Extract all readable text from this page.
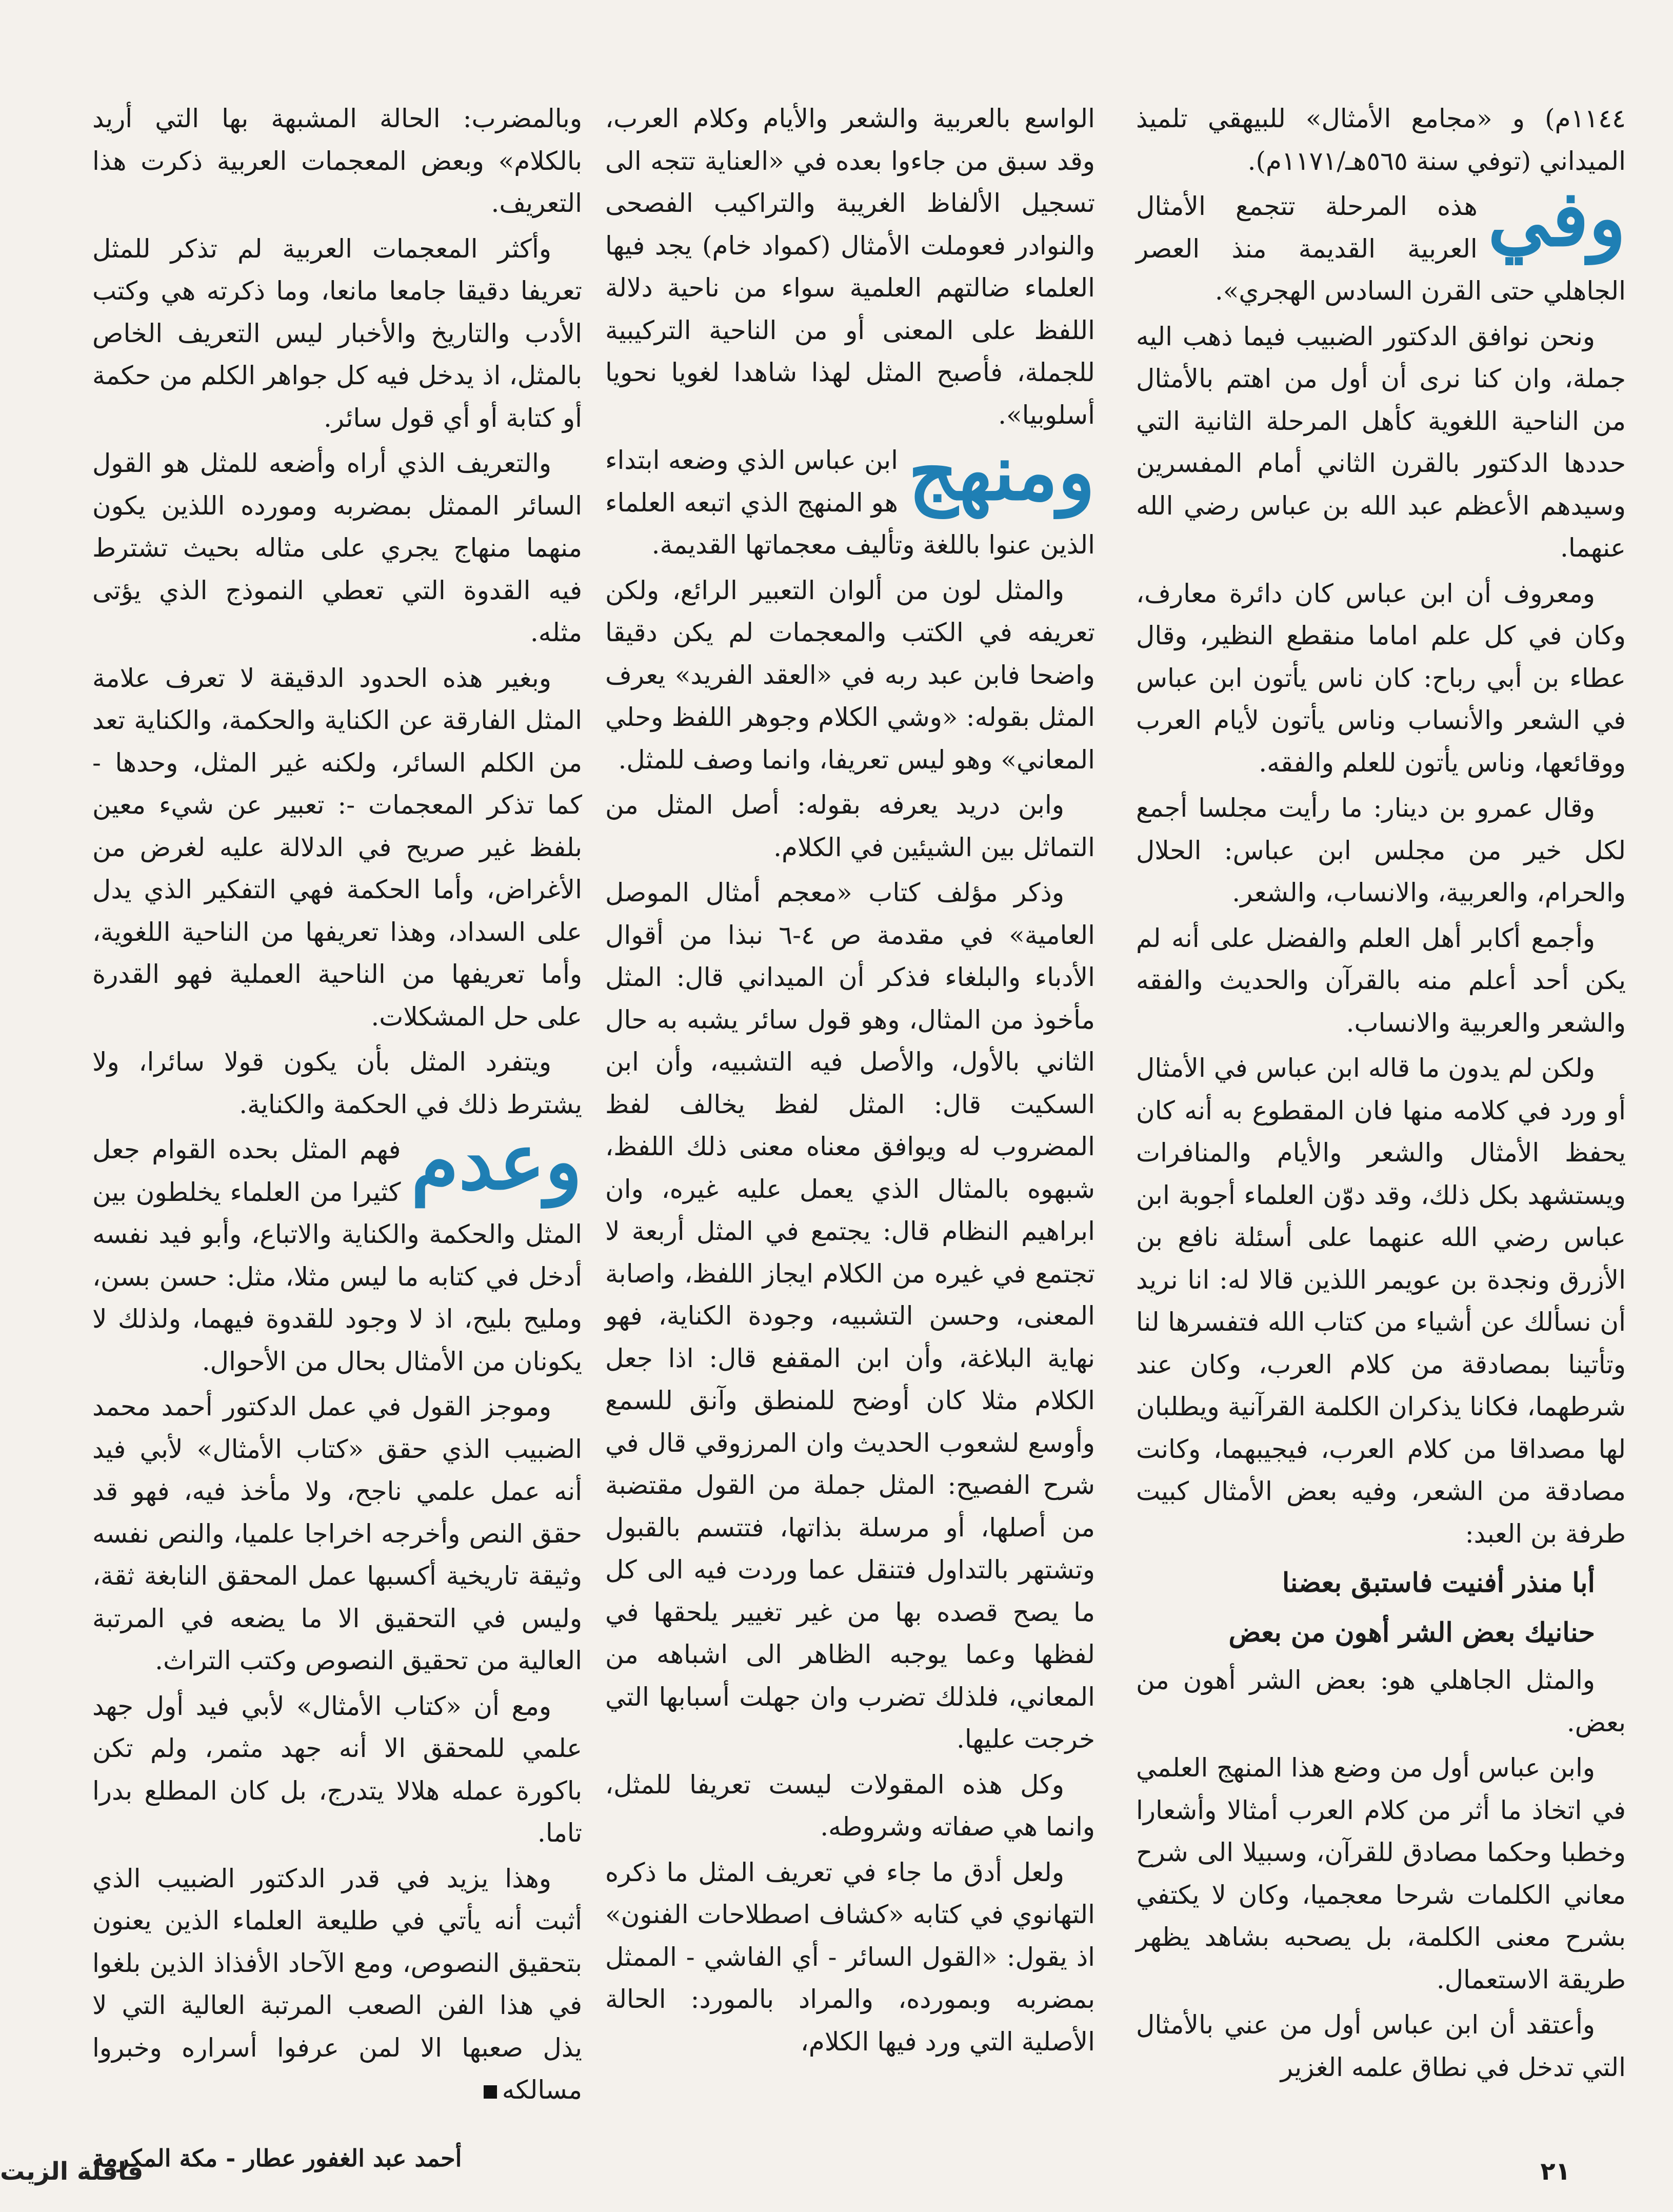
١١٤٤م) و «مجامع الأمثال» للبيهقي تلميذ الميداني (توفي سنة ٥٦٥هـ/١١٧١م).

وفي
هذه المرحلة تتجمع الأمثال العربية القديمة منذ العصر الجاهلي حتى القرن السادس الهجري».

ونحن نوافق الدكتور الضبيب فيما ذهب اليه جملة، وان كنا نرى أن أول من اهتم بالأمثال من الناحية اللغوية كأهل المرحلة الثانية التي حددها الدكتور بالقرن الثاني أمام المفسرين وسيدهم الأعظم عبد الله بن عباس رضي الله عنهما.

ومعروف أن ابن عباس كان دائرة معارف، وكان في كل علم اماما منقطع النظير، وقال عطاء بن أبي رباح: كان ناس يأتون ابن عباس في الشعر والأنساب وناس يأتون لأيام العرب ووقائعها، وناس يأتون للعلم والفقه.

وقال عمرو بن دينار: ما رأيت مجلسا أجمع لكل خير من مجلس ابن عباس: الحلال والحرام، والعربية، والانساب، والشعر.

وأجمع أكابر أهل العلم والفضل على أنه لم يكن أحد أعلم منه بالقرآن والحديث والفقه والشعر والعربية والانساب.

ولكن لم يدون ما قاله ابن عباس في الأمثال أو ورد في كلامه منها فان المقطوع به أنه كان يحفظ الأمثال والشعر والأيام والمنافرات ويستشهد بكل ذلك، وقد دوّن العلماء أجوبة ابن عباس رضي الله عنهما على أسئلة نافع بن الأزرق ونجدة بن عويمر اللذين قالا له: انا نريد أن نسألك عن أشياء من كتاب الله فتفسرها لنا وتأتينا بمصادقة من كلام العرب، وكان عند شرطهما، فكانا يذكران الكلمة القرآنية ويطلبان لها مصداقا من كلام العرب، فيجيبهما، وكانت مصادقة من الشعر، وفيه بعض الأمثال كبيت طرفة بن العبد:

أبا منذر أفنيت فاستبق بعضنا
حنانيك بعض الشر أهون من بعض

والمثل الجاهلي هو: بعض الشر أهون من بعض.

وابن عباس أول من وضع هذا المنهج العلمي في اتخاذ ما أثر من كلام العرب أمثالا وأشعارا وخطبا وحكما مصادق للقرآن، وسبيلا الى شرح معاني الكلمات شرحا معجميا، وكان لا يكتفي بشرح معنى الكلمة، بل يصحبه بشاهد يظهر طريقة الاستعمال.

وأعتقد أن ابن عباس أول من عني بالأمثال التي تدخل في نطاق علمه الغزير

الواسع بالعربية والشعر والأيام وكلام العرب، وقد سبق من جاءوا بعده في «العناية تتجه الى تسجيل الألفاظ الغريبة والتراكيب الفصحى والنوادر فعوملت الأمثال (كمواد خام) يجد فيها العلماء ضالتهم العلمية سواء من ناحية دلالة اللفظ على المعنى أو من الناحية التركيبية للجملة، فأصبح المثل لهذا شاهدا لغويا نحويا أسلوبيا».

ومنهج
ابن عباس الذي وضعه ابتداء هو المنهج الذي اتبعه العلماء الذين عنوا باللغة وتأليف معجماتها القديمة.

والمثل لون من ألوان التعبير الرائع، ولكن تعريفه في الكتب والمعجمات لم يكن دقيقا واضحا فابن عبد ربه في «العقد الفريد» يعرف المثل بقوله: «وشي الكلام وجوهر اللفظ وحلي المعاني» وهو ليس تعريفا، وانما وصف للمثل.

وابن دريد يعرفه بقوله: أصل المثل من التماثل بين الشيئين في الكلام.

وذكر مؤلف كتاب «معجم أمثال الموصل العامية» في مقدمة ص ٤-٦ نبذا من أقوال الأدباء والبلغاء فذكر أن الميداني قال: المثل مأخوذ من المثال، وهو قول سائر يشبه به حال الثاني بالأول، والأصل فيه التشبيه، وأن ابن السكيت قال: المثل لفظ يخالف لفظ المضروب له ويوافق معناه معنى ذلك اللفظ، شبهوه بالمثال الذي يعمل عليه غيره، وان ابراهيم النظام قال: يجتمع في المثل أربعة لا تجتمع في غيره من الكلام ايجاز اللفظ، واصابة المعنى، وحسن التشبيه، وجودة الكناية، فهو نهاية البلاغة، وأن ابن المقفع قال: اذا جعل الكلام مثلا كان أوضح للمنطق وآنق للسمع وأوسع لشعوب الحديث وان المرزوقي قال في شرح الفصيح: المثل جملة من القول مقتضبة من أصلها، أو مرسلة بذاتها، فتتسم بالقبول وتشتهر بالتداول فتنقل عما وردت فيه الى كل ما يصح قصده بها من غير تغيير يلحقها في لفظها وعما يوجبه الظاهر الى اشباهه من المعاني، فلذلك تضرب وان جهلت أسبابها التي خرجت عليها.

وكل هذه المقولات ليست تعريفا للمثل، وانما هي صفاته وشروطه.

ولعل أدق ما جاء في تعريف المثل ما ذكره التهانوي في كتابه «كشاف اصطلاحات الفنون» اذ يقول: «القول السائر - أي الفاشي - الممثل بمضربه وبمورده، والمراد بالمورد: الحالة الأصلية التي ورد فيها الكلام،

وبالمضرب: الحالة المشبهة بها التي أريد بالكلام» وبعض المعجمات العربية ذكرت هذا التعريف.

وأكثر المعجمات العربية لم تذكر للمثل تعريفا دقيقا جامعا مانعا، وما ذكرته هي وكتب الأدب والتاريخ والأخبار ليس التعريف الخاص بالمثل، اذ يدخل فيه كل جواهر الكلم من حكمة أو كتابة أو أي قول سائر.

والتعريف الذي أراه وأضعه للمثل هو القول السائر الممثل بمضربه ومورده اللذين يكون منهما منهاج يجري على مثاله بحيث تشترط فيه القدوة التي تعطي النموذج الذي يؤتى مثله.

وبغير هذه الحدود الدقيقة لا تعرف علامة المثل الفارقة عن الكناية والحكمة، والكناية تعد من الكلم السائر، ولكنه غير المثل، وحدها - كما تذكر المعجمات -: تعبير عن شيء معين بلفظ غير صريح في الدلالة عليه لغرض من الأغراض، وأما الحكمة فهي التفكير الذي يدل على السداد، وهذا تعريفها من الناحية اللغوية، وأما تعريفها من الناحية العملية فهو القدرة على حل المشكلات.

ويتفرد المثل بأن يكون قولا سائرا، ولا يشترط ذلك في الحكمة والكناية.

وعدم
فهم المثل بحده القوام جعل كثيرا من العلماء يخلطون بين المثل والحكمة والكناية والاتباع، وأبو فيد نفسه أدخل في كتابه ما ليس مثلا، مثل: حسن بسن، ومليح بليح، اذ لا وجود للقدوة فيهما، ولذلك لا يكونان من الأمثال بحال من الأحوال.

وموجز القول في عمل الدكتور أحمد محمد الضبيب الذي حقق «كتاب الأمثال» لأبي فيد أنه عمل علمي ناجح، ولا مأخذ فيه، فهو قد حقق النص وأخرجه اخراجا علميا، والنص نفسه وثيقة تاريخية أكسبها عمل المحقق النابغة ثقة، وليس في التحقيق الا ما يضعه في المرتبة العالية من تحقيق النصوص وكتب التراث.

ومع أن «كتاب الأمثال» لأبي فيد أول جهد علمي للمحقق الا أنه جهد مثمر، ولم تكن باكورة عمله هلالا يتدرج، بل كان المطلع بدرا تاما.

وهذا يزيد في قدر الدكتور الضبيب الذي أثبت أنه يأتي في طليعة العلماء الذين يعنون بتحقيق النصوص، ومع الآحاد الأفذاذ الذين بلغوا في هذا الفن الصعب المرتبة العالية التي لا يذل صعبها الا لمن عرفوا أسراره وخبروا مسالكه

أحمد عبد الغفور عطار - مكة المكرمة	٢١
قافلة الزيت
